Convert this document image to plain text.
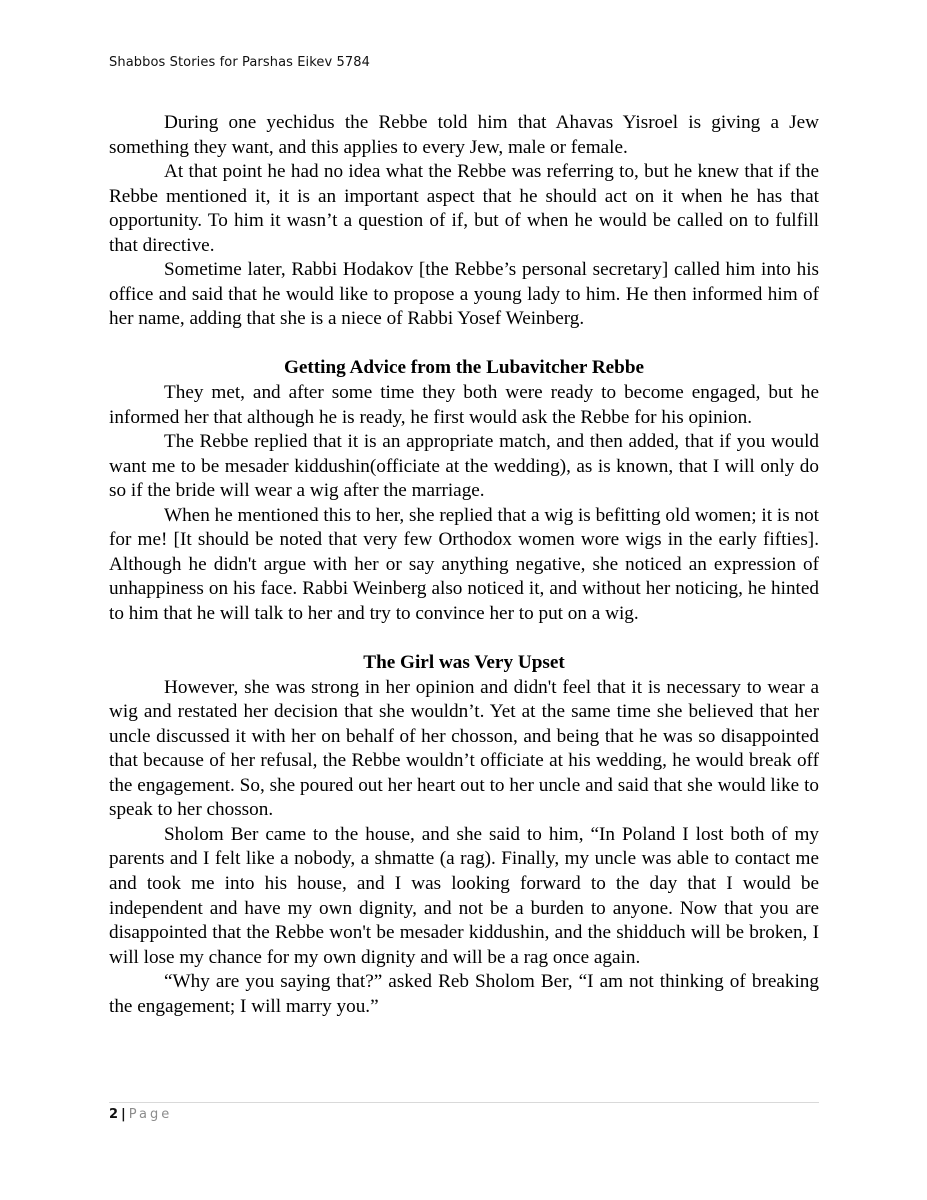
Shabbos Stories for Parshas Eikev 5784

During one yechidus the Rebbe told him that Ahavas Yisroel is giving a Jew something they want, and this applies to every Jew, male or female.

At that point he had no idea what the Rebbe was referring to, but he knew that if the Rebbe mentioned it, it is an important aspect that he should act on it when he has that opportunity. To him it wasn’t a question of if, but of when he would be called on to fulfill that directive.

Sometime later, Rabbi Hodakov [the Rebbe’s personal secretary] called him into his office and said that he would like to propose a young lady to him. He then informed him of her name, adding that she is a niece of Rabbi Yosef Weinberg.

Getting Advice from the Lubavitcher Rebbe

They met, and after some time they both were ready to become engaged, but he informed her that although he is ready, he first would ask the Rebbe for his opinion.

The Rebbe replied that it is an appropriate match, and then added, that if you would want me to be mesader kiddushin(officiate at the wedding), as is known, that I will only do so if the bride will wear a wig after the marriage.

When he mentioned this to her, she replied that a wig is befitting old women; it is not for me! [It should be noted that very few Orthodox women wore wigs in the early fifties]. Although he didn't argue with her or say anything negative, she noticed an expression of unhappiness on his face. Rabbi Weinberg also noticed it, and without her noticing, he hinted to him that he will talk to her and try to convince her to put on a wig.

The Girl was Very Upset

However, she was strong in her opinion and didn't feel that it is necessary to wear a wig and restated her decision that she wouldn’t. Yet at the same time she believed that her uncle discussed it with her on behalf of her chosson, and being that he was so disappointed that because of her refusal, the Rebbe wouldn’t officiate at his wedding, he would break off the engagement. So, she poured out her heart out to her uncle and said that she would like to speak to her chosson.

Sholom Ber came to the house, and she said to him, “In Poland I lost both of my parents and I felt like a nobody, a shmatte (a rag). Finally, my uncle was able to contact me and took me into his house, and I was looking forward to the day that I would be independent and have my own dignity, and not be a burden to anyone. Now that you are disappointed that the Rebbe won't be mesader kiddushin, and the shidduch will be broken, I will lose my chance for my own dignity and will be a rag once again.

“Why are you saying that?” asked Reb Sholom Ber, “I am not thinking of breaking the engagement; I will marry you.”

2 | Page
